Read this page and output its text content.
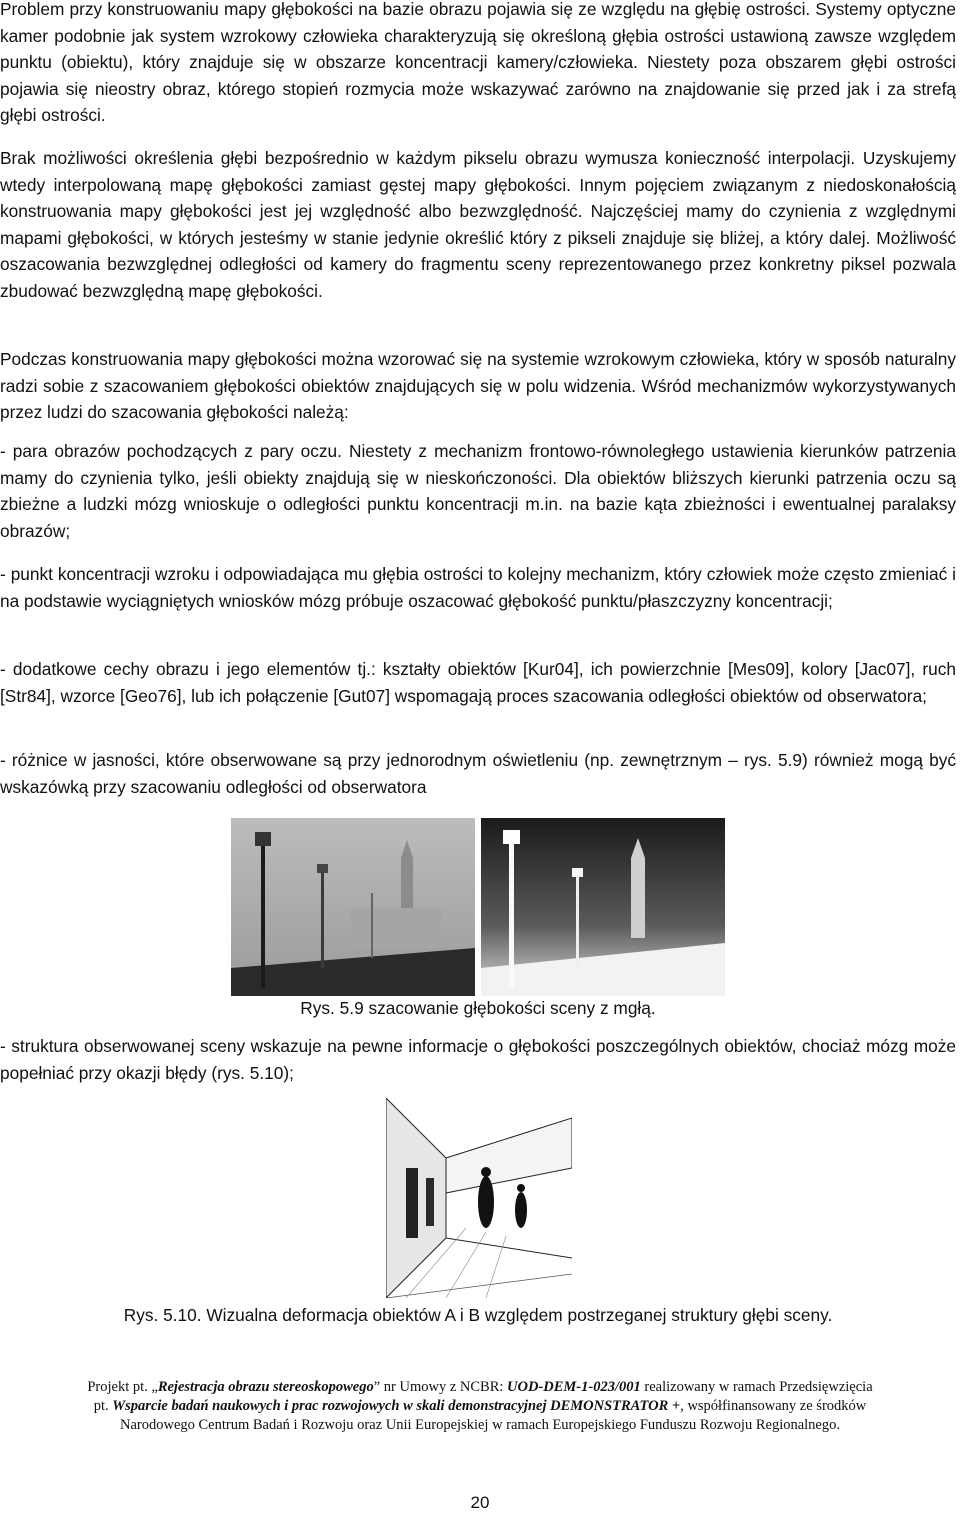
Problem przy konstruowaniu mapy głębokości na bazie obrazu pojawia się ze względu na głębię ostrości. Systemy optyczne kamer podobnie jak system wzrokowy człowieka charakteryzują się określoną głębia ostrości ustawioną zawsze względem punktu (obiektu), który znajduje się w obszarze koncentracji kamery/człowieka. Niestety poza obszarem głębi ostrości pojawia się nieostry obraz, którego stopień rozmycia może wskazywać zarówno na znajdowanie się przed jak i za strefą głębi ostrości.

Brak możliwości określenia głębi bezpośrednio w każdym pikselu obrazu wymusza konieczność interpolacji. Uzyskujemy wtedy interpolowaną mapę głębokości zamiast gęstej mapy głębokości. Innym pojęciem związanym z niedoskonałością konstruowania mapy głębokości jest jej względność albo bezwzględność. Najczęściej mamy do czynienia z względnymi mapami głębokości, w których jesteśmy w stanie jedynie określić który z pikseli znajduje się bliżej, a który dalej. Możliwość oszacowania bezwzględnej odległości od kamery do fragmentu sceny reprezentowanego przez konkretny piksel pozwala zbudować bezwzględną mapę głębokości.

Podczas konstruowania mapy głębokości można wzorować się na systemie wzrokowym człowieka, który w sposób naturalny radzi sobie z szacowaniem głębokości obiektów znajdujących się w polu widzenia. Wśród mechanizmów wykorzystywanych przez ludzi do szacowania głębokości należą:

- para obrazów pochodzących z pary oczu. Niestety z mechanizm frontowo-równoległego ustawienia kierunków patrzenia mamy do czynienia tylko, jeśli obiekty znajdują się w nieskończoności. Dla obiektów bliższych kierunki patrzenia oczu są zbieżne a ludzki mózg wnioskuje o odległości punktu koncentracji m.in. na bazie kąta zbieżności i ewentualnej paralaksy obrazów;

- punkt koncentracji wzroku i odpowiadająca mu głębia ostrości to kolejny mechanizm, który człowiek może często zmieniać i na podstawie wyciągniętych wniosków mózg próbuje oszacować głębokość punktu/płaszczyzny koncentracji;

- dodatkowe cechy obrazu i jego elementów tj.: kształty obiektów [Kur04], ich powierzchnie [Mes09], kolory [Jac07], ruch [Str84], wzorce [Geo76], lub ich połączenie [Gut07] wspomagają proces szacowania odległości obiektów od obserwatora;

- różnice w jasności, które obserwowane są przy jednorodnym oświetleniu (np. zewnętrznym – rys. 5.9) również mogą być wskazówką przy szacowaniu odległości od obserwatora

Rys. 5.9 szacowanie głębokości sceny z mgłą.

- struktura obserwowanej sceny wskazuje na pewne informacje o głębokości poszczególnych obiektów, chociaż mózg może popełniać przy okazji błędy (rys. 5.10);

Rys. 5.10. Wizualna deformacja obiektów A i B względem postrzeganej struktury głębi sceny.
Projekt pt. „Rejestracja obrazu stereoskopowego” nr Umowy z NCBR: UOD-DEM-1-023/001 realizowany w ramach Przedsięwzięcia
pt. Wsparcie badań naukowych i prac rozwojowych w skali demonstracyjnej DEMONSTRATOR +, współfinansowany ze środków
Narodowego Centrum Badań i Rozwoju oraz Unii Europejskiej w ramach Europejskiego Funduszu Rozwoju Regionalnego.
20
